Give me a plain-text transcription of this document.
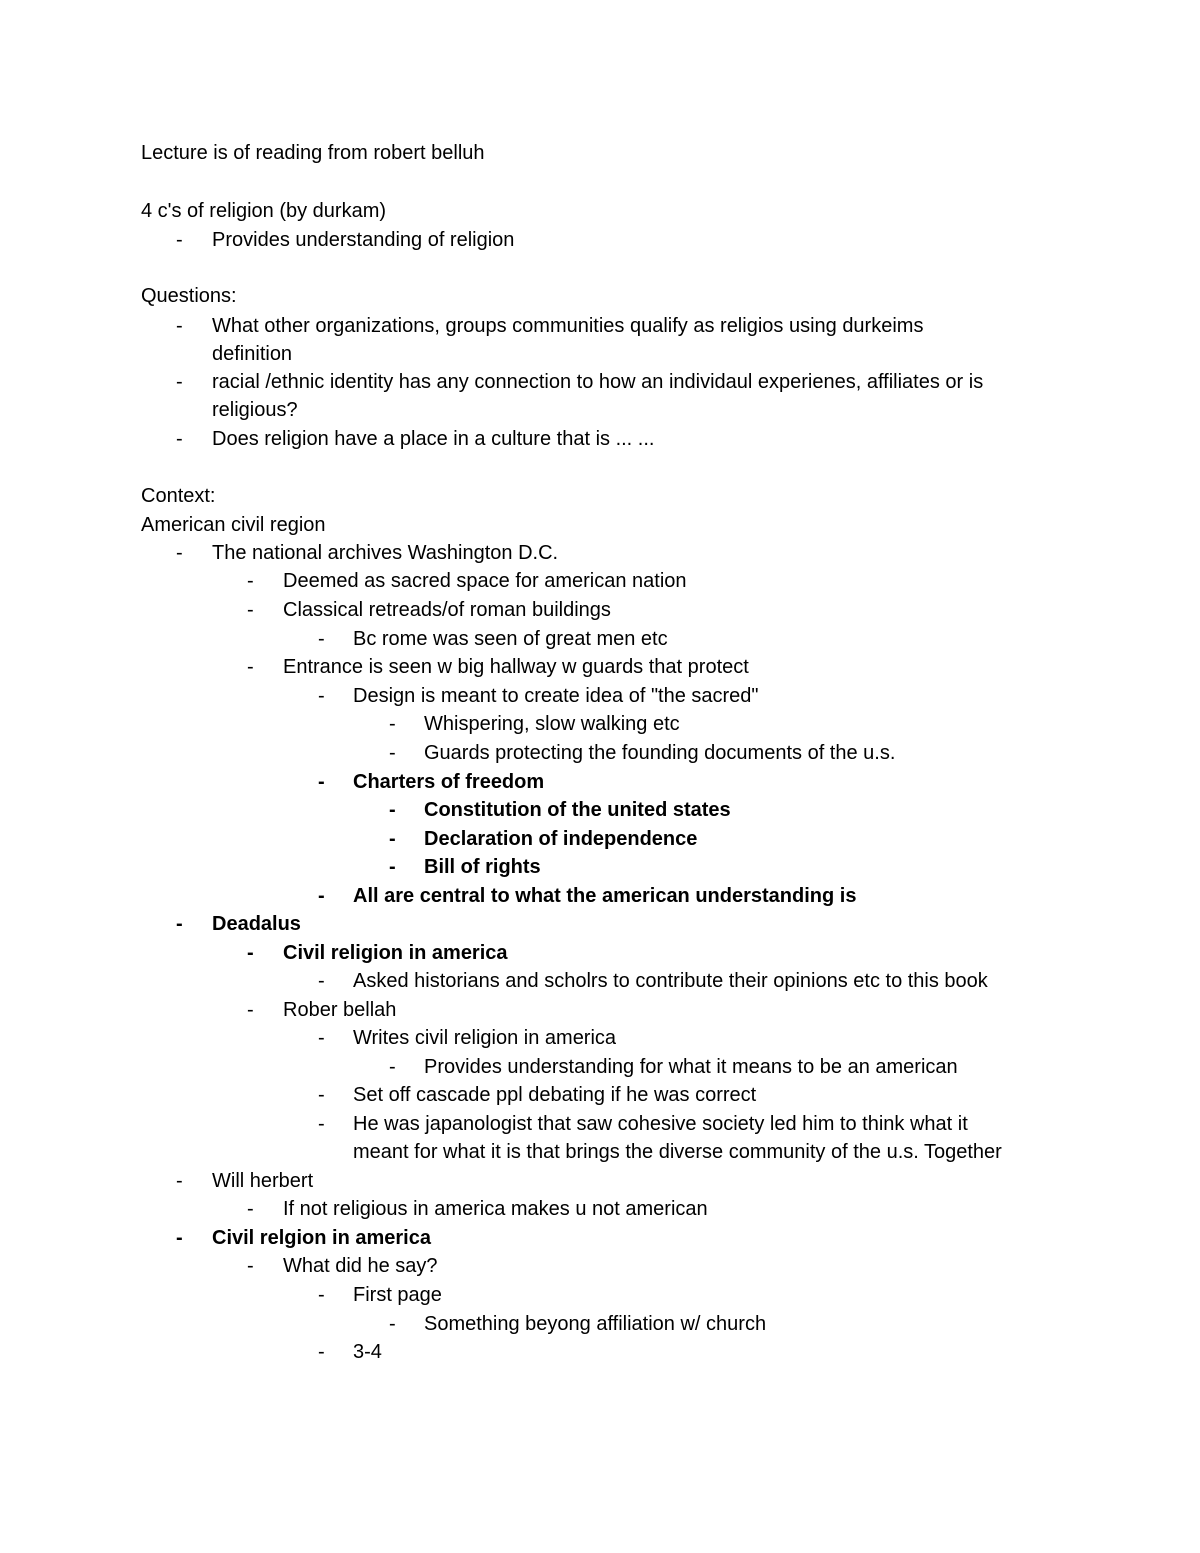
Lecture is of reading from robert belluh
4 c's of religion (by durkam)
- Provides understanding of religion
Questions:
- What other organizations, groups communities qualify as religios using durkeims
definition
- racial /ethnic identity has any connection to how an individaul experienes, affiliates or is
religious?
- Does religion have a place in a culture that is ... ...
Context:
American civil region
- The national archives Washington D.C.
- Deemed as sacred space for american nation
- Classical retreads/of roman buildings
- Bc rome was seen of great men etc
- Entrance is seen w big hallway w guards that protect
- Design is meant to create idea of "the sacred"
- Whispering, slow walking etc
- Guards protecting the founding documents of the u.s.
- Charters of freedom
- Constitution of the united states
- Declaration of independence
- Bill of rights
- All are central to what the american understanding is
- Deadalus
- Civil religion in america
- Asked historians and scholrs to contribute their opinions etc to this book
- Rober bellah
- Writes civil religion in america
- Provides understanding for what it means to be an american
- Set off cascade ppl debating if he was correct
- He was japanologist that saw cohesive society led him to think what it
meant for what it is that brings the diverse community of the u.s. Together
- Will herbert
- If not religious in america makes u not american
- Civil relgion in america
- What did he say?
- First page
- Something beyong affiliation w/ church
- 3-4
